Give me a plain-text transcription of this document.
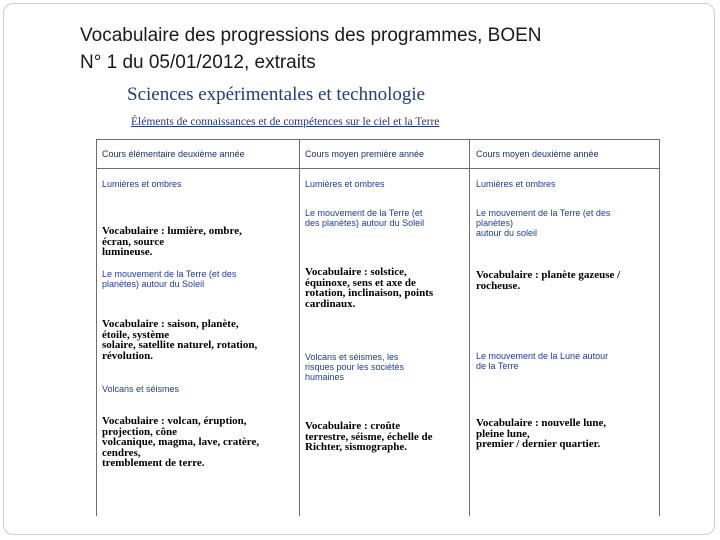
Vocabulaire des progressions des programmes, BOEN
N° 1 du 05/01/2012, extraits
Sciences expérimentales et technologie
Éléments de connaissances et de compétences sur le ciel et la Terre
Cours élémentaire deuxième année	Cours moyen première année	Cours moyen deuxième année
Lumières et ombres
Vocabulaire : lumière, ombre,
écran, source
lumineuse.
Le mouvement de la Terre (et des
planètes) autour du Soleil
Vocabulaire : saison, planète,
étoile, système
solaire, satellite naturel, rotation,
révolution.
Volcans et séismes
Vocabulaire : volcan, éruption,
projection, cône
volcanique, magma, lave, cratère,
cendres,
tremblement de terre.
Lumières et ombres
Le mouvement de la Terre (et
des planètes) autour du Soleil
Vocabulaire : solstice,
équinoxe, sens et axe de
rotation, inclinaison, points
cardinaux.
Volcans et séismes, les
risques pour les sociétés
humaines
Vocabulaire : croûte
terrestre, séisme, échelle de
Richter, sismographe.
Lumières et ombres
Le mouvement de la Terre (et des
planètes)
autour du soleil
Vocabulaire : planète gazeuse /
rocheuse.
Le mouvement de la Lune autour
de la Terre
Vocabulaire : nouvelle lune,
pleine lune,
premier / dernier quartier.
